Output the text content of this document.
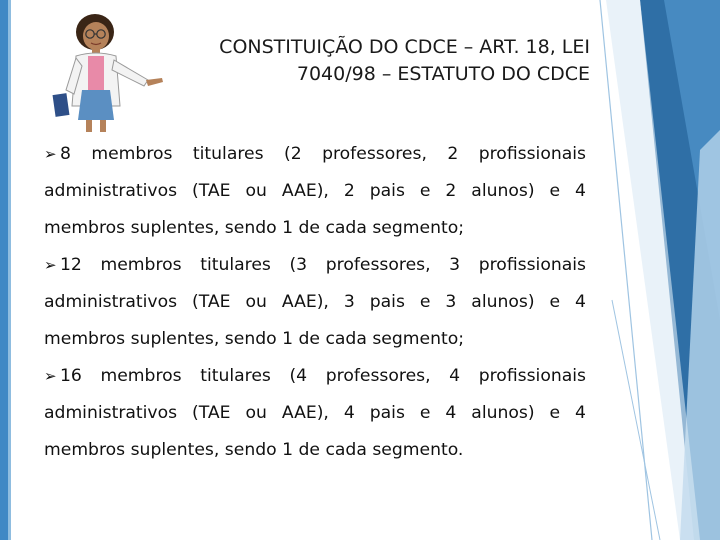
CONSTITUIÇÃO DO CDCE – ART. 18, LEI
7040/98 – ESTATUTO DO CDCE
➢ 8 membros titulares (2 professores, 2 profissionais
administrativos (TAE ou AAE), 2 pais e 2 alunos) e 4
membros suplentes, sendo 1 de cada segmento;
➢ 12 membros titulares (3 professores, 3 profissionais
administrativos (TAE ou AAE), 3 pais e 3 alunos) e 4
membros suplentes, sendo 1 de cada segmento;
➢ 16 membros titulares (4 professores, 4 profissionais
administrativos (TAE ou AAE), 4 pais e 4 alunos) e 4
membros suplentes, sendo 1 de cada segmento.
